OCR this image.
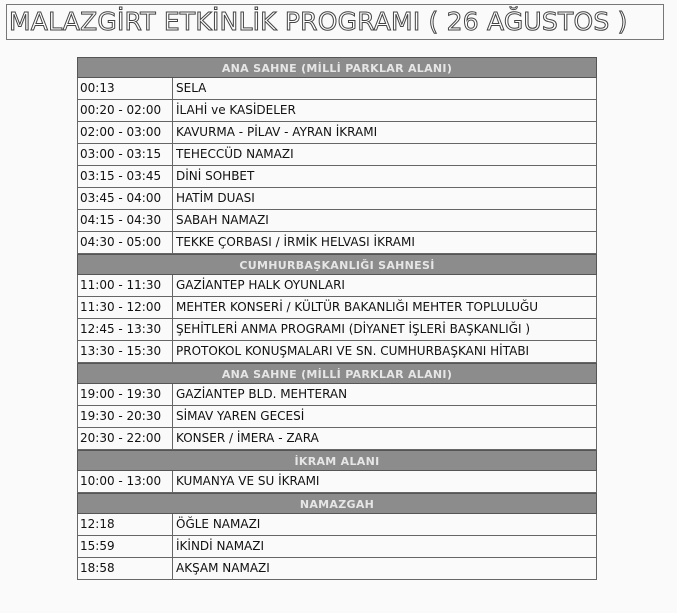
MALAZGİRT ETKİNLİK PROGRAMI ( 26 AĞUSTOS )
ANA SAHNE (MİLLİ PARKLAR ALANI)
00:13	SELA
00:20 - 02:00	İLAHİ ve KASİDELER
02:00 - 03:00	KAVURMA - PİLAV - AYRAN İKRAMI
03:00 - 03:15	TEHECCÜD NAMAZI
03:15 - 03:45	DİNİ SOHBET
03:45 - 04:00	HATİM DUASI
04:15 - 04:30	SABAH NAMAZI
04:30 - 05:00	TEKKE ÇORBASI / İRMİK HELVASI İKRAMI
CUMHURBAŞKANLIĞI SAHNESİ
11:00 - 11:30	GAZİANTEP HALK OYUNLARI
11:30 - 12:00	MEHTER KONSERİ / KÜLTÜR BAKANLIĞI MEHTER TOPLULUĞU
12:45 - 13:30	ŞEHİTLERİ ANMA PROGRAMI (DİYANET İŞLERİ BAŞKANLIĞI )
13:30 - 15:30	PROTOKOL KONUŞMALARI VE SN. CUMHURBAŞKANI HİTABI
ANA SAHNE (MİLLİ PARKLAR ALANI)
19:00 - 19:30	GAZİANTEP BLD. MEHTERAN
19:30 - 20:30	SİMAV YAREN GECESİ
20:30 - 22:00	KONSER / İMERA - ZARA
İKRAM ALANI
10:00 - 13:00	KUMANYA VE SU İKRAMI
NAMAZGAH
12:18	ÖĞLE NAMAZI
15:59	İKİNDİ NAMAZI
18:58	AKŞAM NAMAZI
